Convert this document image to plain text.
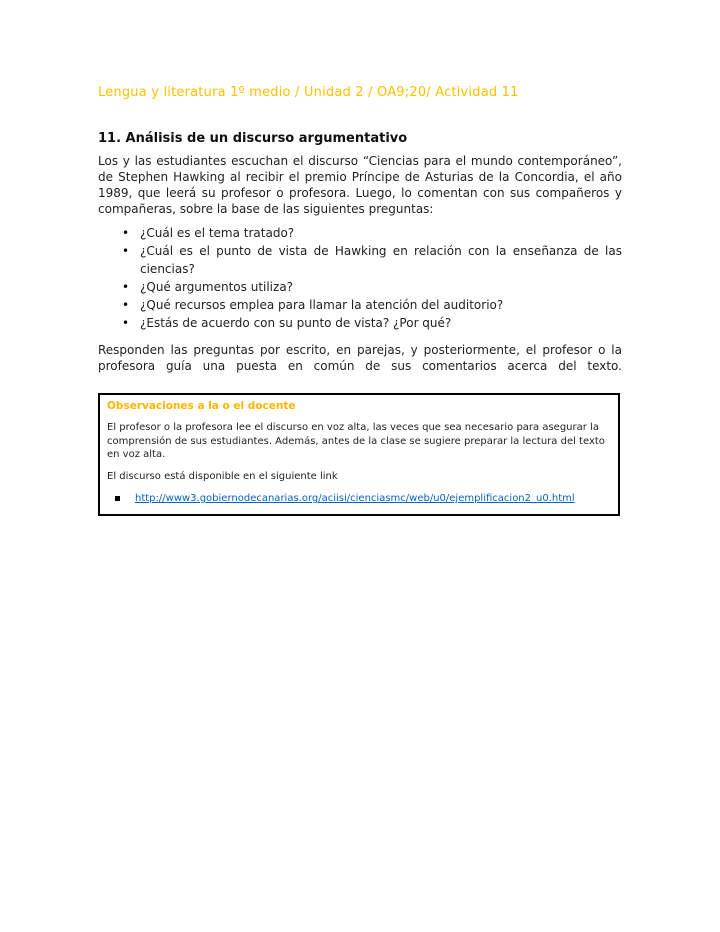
Lengua y literatura 1º medio / Unidad 2 / OA9;20/ Actividad 11
11. Análisis de un discurso argumentativo

Los y las estudiantes escuchan el discurso “Ciencias para el mundo contemporáneo”, de Stephen Hawking al recibir el premio Príncipe de Asturias de la Concordia, el año 1989, que leerá su profesor o profesora. Luego, lo comentan con sus compañeros y compañeras, sobre la base de las siguientes preguntas:

• ¿Cuál es el tema tratado?
• ¿Cuál es el punto de vista de Hawking en relación con la enseñanza de las ciencias?
• ¿Qué argumentos utiliza?
• ¿Qué recursos emplea para llamar la atención del auditorio?
• ¿Estás de acuerdo con su punto de vista? ¿Por qué?

Responden las preguntas por escrito, en parejas, y posteriormente, el profesor o la profesora guía una puesta en común de sus comentarios acerca del texto.

Observaciones a la o el docente
El profesor o la profesora lee el discurso en voz alta, las veces que sea necesario para asegurar la comprensión de sus estudiantes. Además, antes de la clase se sugiere preparar la lectura del texto en voz alta.
El discurso está disponible en el siguiente link
http://www3.gobiernodecanarias.org/aciisi/cienciasmc/web/u0/ejemplificacion2_u0.html
